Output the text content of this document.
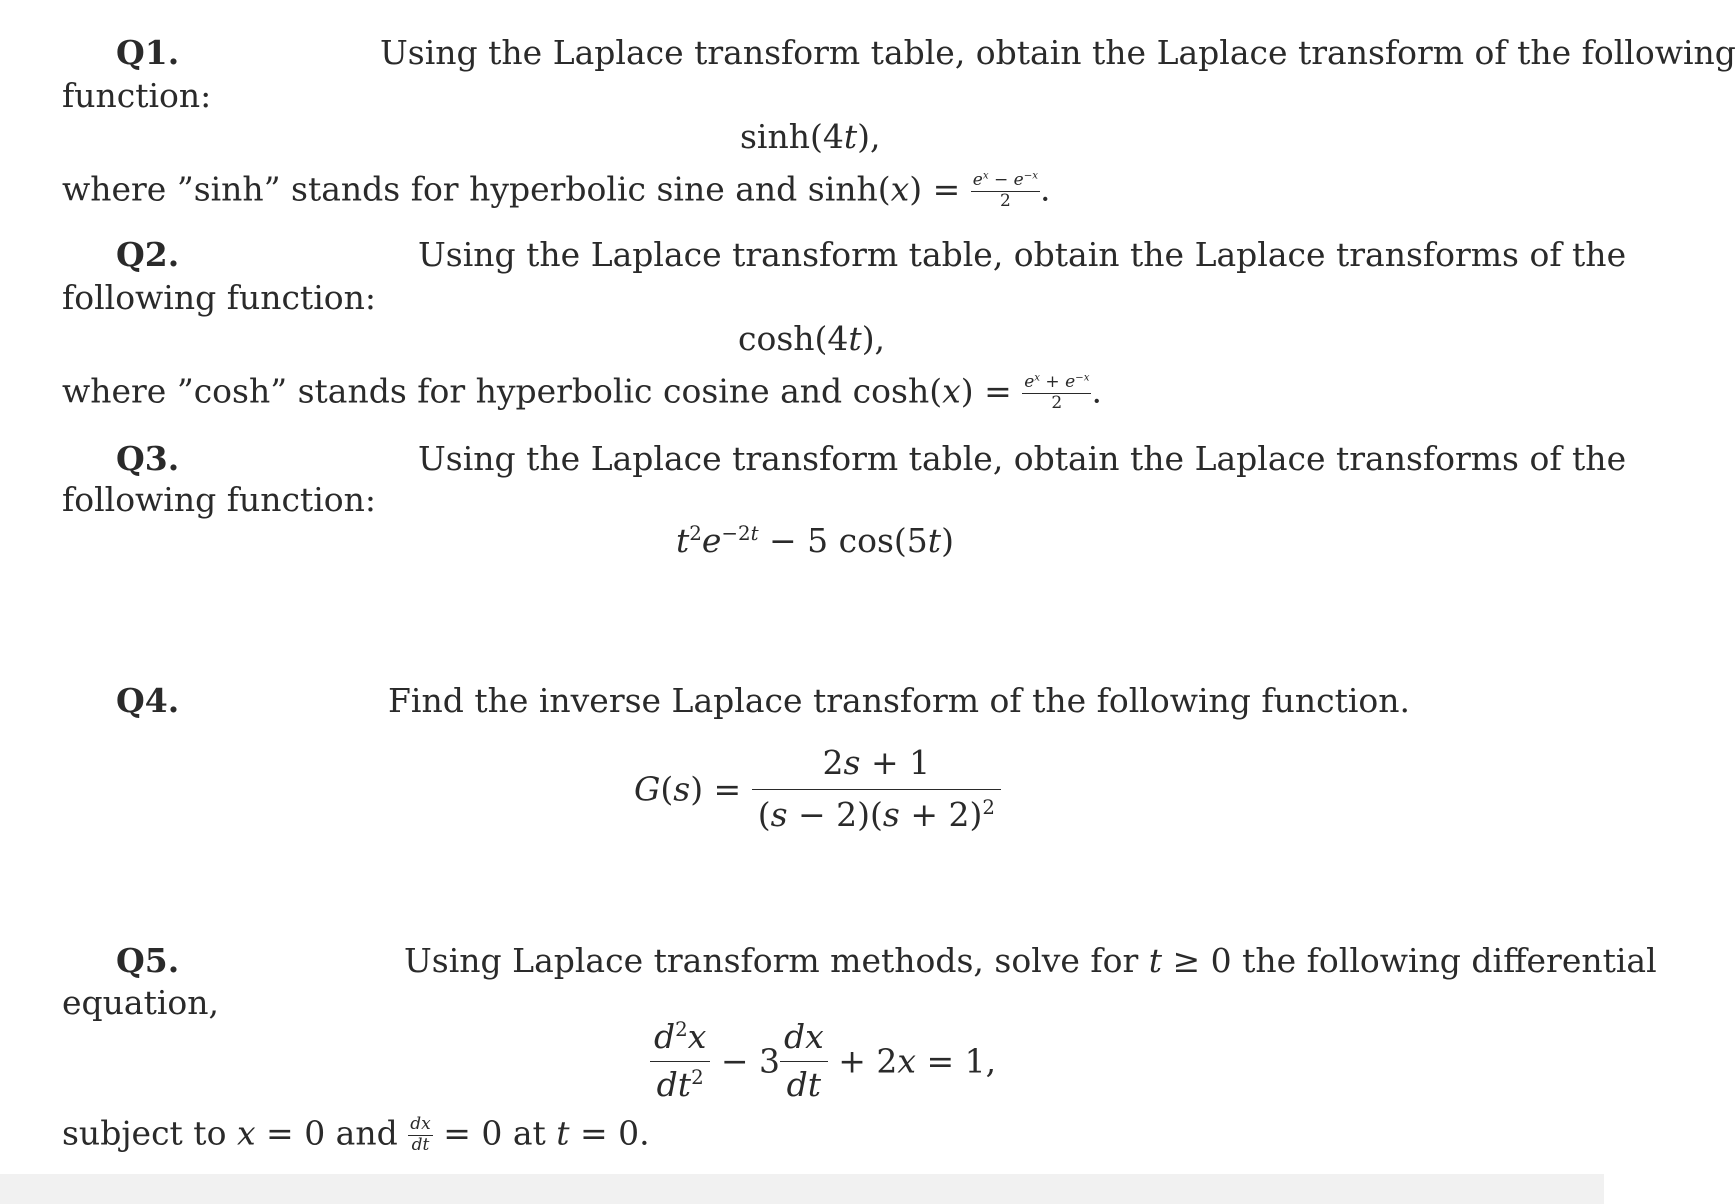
Q1.	Using the Laplace transform table, obtain the Laplace transform of the following
function:
sinh(4t),
where ”sinh” stands for hyperbolic sine and $\sinh(x) = \frac{e^x - e^{-x}}{2}$ .
Q2.	Using the Laplace transform table, obtain the Laplace transforms of the
following function:
cosh(4t),
where ”cosh” stands for hyperbolic cosine and $\cosh(x) = \frac{e^x + e^{-x}}{2}$ .
Q3.	Using the Laplace transform table, obtain the Laplace transforms of the
following function:
$t^2e^{-2t} - 5$ cos(5t)
Q4.	Find the inverse Laplace transform of the following function.
$G(s) = \frac{2s + 1}{(s - 2)(s + 2)^2}$
Q5.	Using Laplace transform methods, solve for t ≥ 0 the following differential
equation,
$\frac{d^2x}{dt^2} - 3 \frac{dx}{dt} + 2x = 1$,
subject to x = 0 and $\frac{dx}{dt} = 0$ at t = 0.
